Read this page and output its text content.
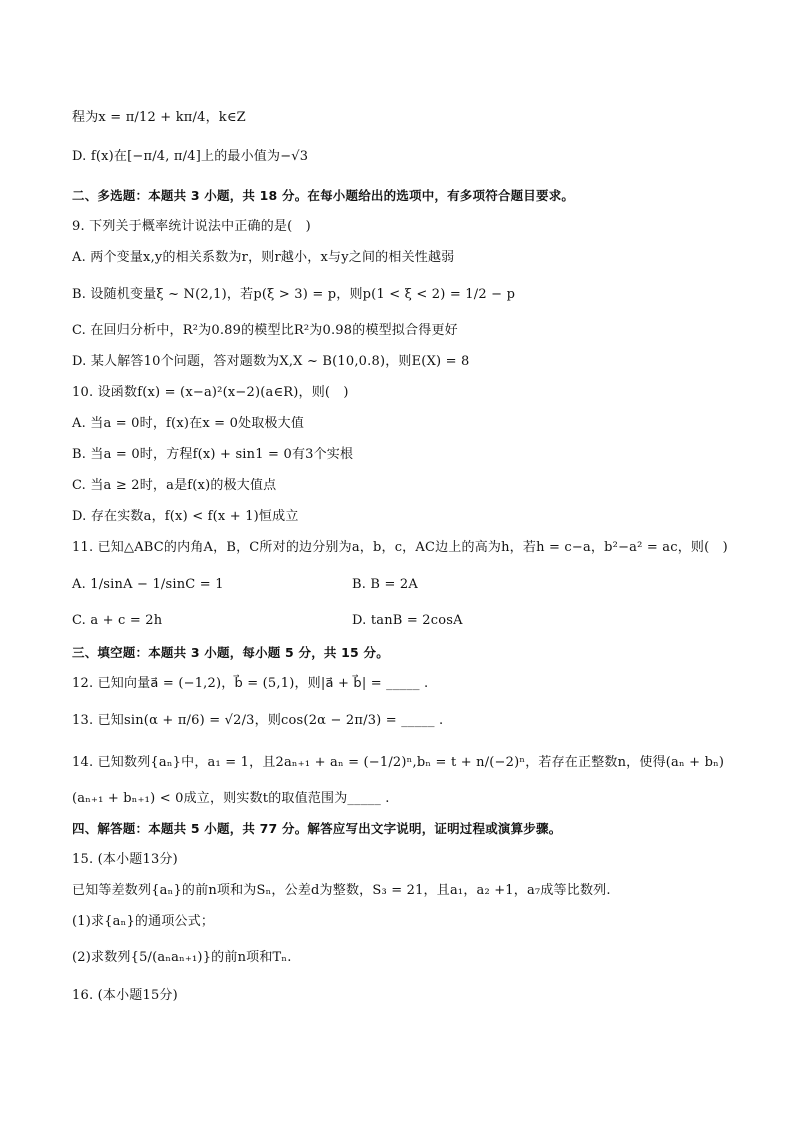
程为x = π/12 + kπ/4，k∈Z
D. f(x)在[−π/4, π/4]上的最小值为−√3
二、多选题：本题共 3 小题，共 18 分。在每小题给出的选项中，有多项符合题目要求。
9. 下列关于概率统计说法中正确的是(　)
A. 两个变量x,y的相关系数为r，则r越小，x与y之间的相关性越弱
B. 设随机变量ξ ~ N(2,1)，若p(ξ > 3) = p，则p(1 < ξ < 2) = 1/2 − p
C. 在回归分析中，R²为0.89的模型比R²为0.98的模型拟合得更好
D. 某人解答10个问题，答对题数为X,X ~ B(10,0.8)，则E(X) = 8
10. 设函数f(x) = (x−a)²(x−2)(a∈R)，则(　)
A. 当a = 0时，f(x)在x = 0处取极大值
B. 当a = 0时，方程f(x) + sin1 = 0有3个实根
C. 当a ≥ 2时，a是f(x)的极大值点
D. 存在实数a，f(x) < f(x + 1)恒成立
11. 已知△ABC的内角A，B，C所对的边分别为a，b，c，AC边上的高为h，若h = c−a，b²−a² = ac，则(　)
A. 1/sinA − 1/sinC = 1	B. B = 2A
C. a + c = 2h	D. tanB = 2cosA
三、填空题：本题共 3 小题，每小题 5 分，共 15 分。
12. 已知向量a⃗ = (−1,2)，b⃗ = (5,1)，则|a⃗ + b⃗| = _____ .
13. 已知sin(α + π/6) = √2/3，则cos(2α − 2π/3) = _____ .
14. 已知数列{aₙ}中，a₁ = 1，且2aₙ₊₁ + aₙ = (−1/2)ⁿ,bₙ = t + n/(−2)ⁿ，若存在正整数n，使得(aₙ + bₙ)
(aₙ₊₁ + bₙ₊₁) < 0成立，则实数t的取值范围为_____ .
四、解答题：本题共 5 小题，共 77 分。解答应写出文字说明，证明过程或演算步骤。
15. (本小题13分)
已知等差数列{aₙ}的前n项和为Sₙ，公差d为整数，S₃ = 21，且a₁，a₂ +1，a₇成等比数列.
(1)求{aₙ}的通项公式；
(2)求数列{5/(aₙaₙ₊₁)}的前n项和Tₙ.
16. (本小题15分)
